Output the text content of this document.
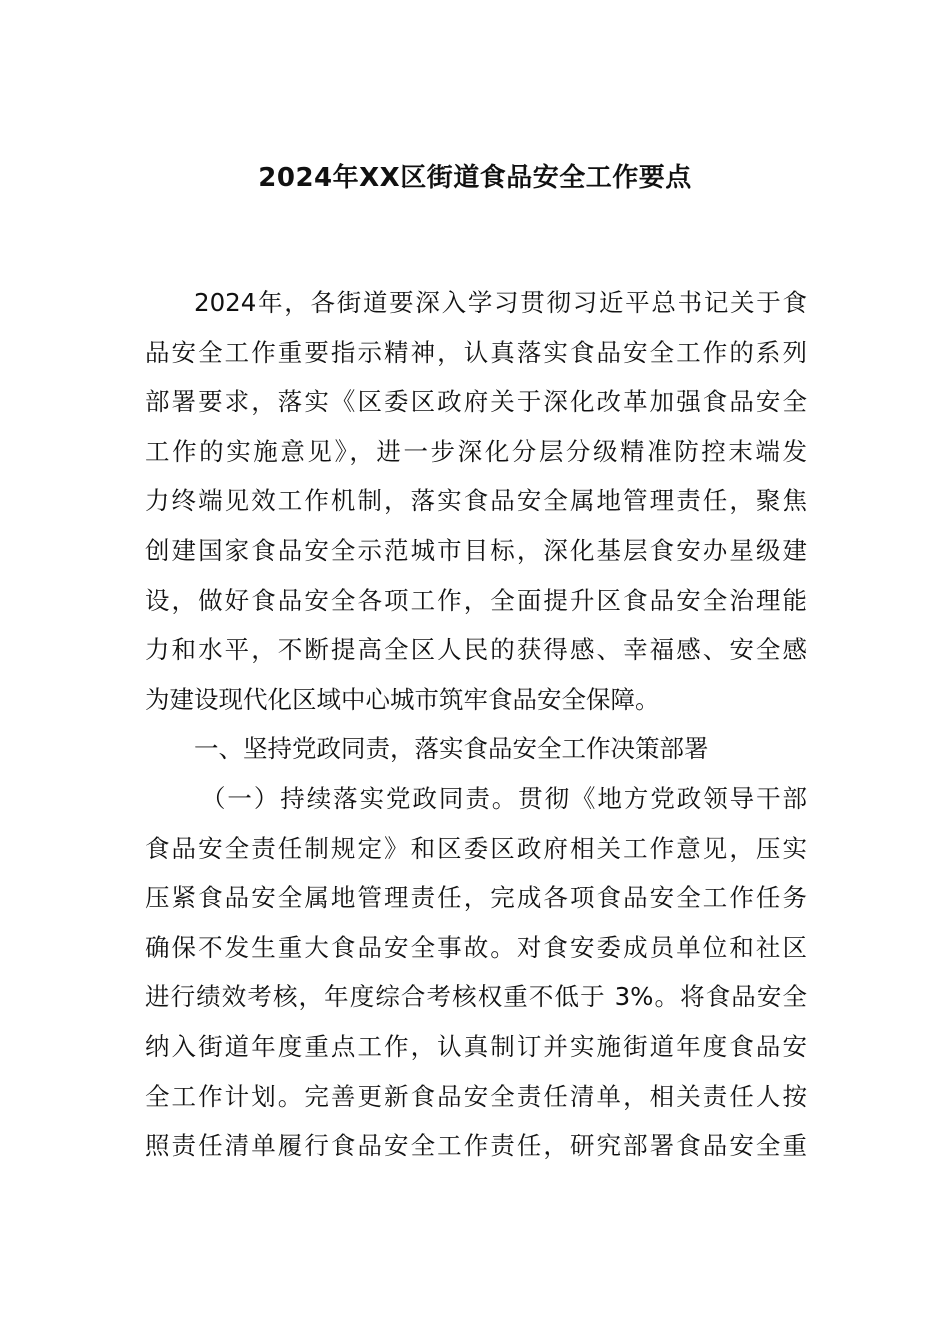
2024年XX区街道食品安全工作要点
2024年，各街道要深入学习贯彻习近平总书记关于食
品安全工作重要指示精神，认真落实食品安全工作的系列
部署要求，落实《区委区政府关于深化改革加强食品安全
工作的实施意见》，进一步深化分层分级精准防控末端发
力终端见效工作机制，落实食品安全属地管理责任，聚焦
创建国家食品安全示范城市目标，深化基层食安办星级建
设，做好食品安全各项工作，全面提升区食品安全治理能
力和水平，不断提高全区人民的获得感、幸福感、安全感
为建设现代化区域中心城市筑牢食品安全保障。
一、坚持党政同责，落实食品安全工作决策部署
（一）持续落实党政同责。贯彻《地方党政领导干部
食品安全责任制规定》和区委区政府相关工作意见，压实
压紧食品安全属地管理责任，完成各项食品安全工作任务
确保不发生重大食品安全事故。对食安委成员单位和社区
进行绩效考核，年度综合考核权重不低于 3%。将食品安全
纳入街道年度重点工作，认真制订并实施街道年度食品安
全工作计划。完善更新食品安全责任清单，相关责任人按
照责任清单履行食品安全工作责任，研究部署食品安全重
